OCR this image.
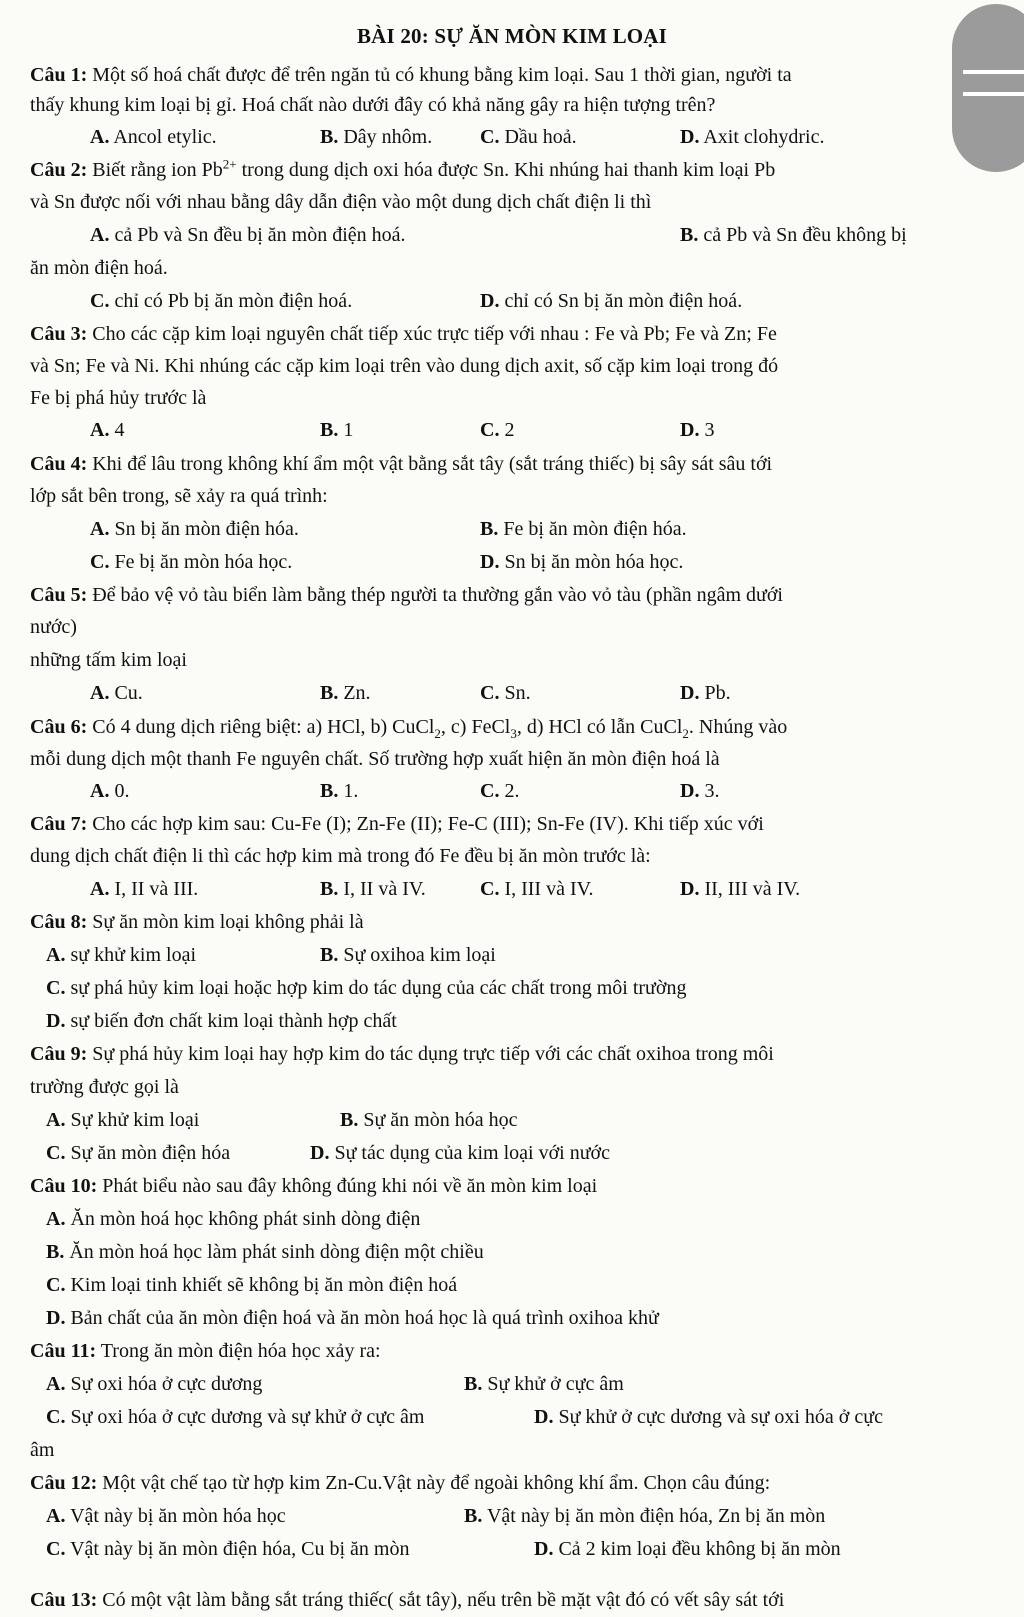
BÀI 20: SỰ ĂN MÒN KIM LOẠI
Câu 1: Một số hoá chất được để trên ngăn tủ có khung bằng kim loại. Sau 1 thời gian, người ta
thấy khung kim loại bị gỉ. Hoá chất nào dưới đây có khả năng gây ra hiện tượng trên?
A. Ancol etylic.	B. Dây nhôm. C. Dầu hoả.	D. Axit clohydric.
Câu 2: Biết rằng ion $Pb^{2+}$ trong dung dịch oxi hóa được Sn. Khi nhúng hai thanh kim loại Pb
và Sn được nối với nhau bằng dây dẫn điện vào một dung dịch chất điện li thì
A. cả Pb và Sn đều bị ăn mòn điện hoá.	B. cả Pb và Sn đều không bị
ăn mòn điện hoá.
C. chỉ có Pb bị ăn mòn điện hoá.	D. chỉ có Sn bị ăn mòn điện hoá.
Câu 3: Cho các cặp kim loại nguyên chất tiếp xúc trực tiếp với nhau : Fe và Pb; Fe và Zn; Fe
và Sn; Fe và Ni. Khi nhúng các cặp kim loại trên vào dung dịch axit, số cặp kim loại trong đó
Fe bị phá hủy trước là
A. 4	B. 1	C. 2	D. 3
Câu 4: Khi để lâu trong không khí ẩm một vật bằng sắt tây (sắt tráng thiếc) bị sây sát sâu tới
lớp sắt bên trong, sẽ xảy ra quá trình:
A. Sn bị ăn mòn điện hóa.	B. Fe bị ăn mòn điện hóa.
C. Fe bị ăn mòn hóa học.	D. Sn bị ăn mòn hóa học.
Câu 5: Để bảo vệ vỏ tàu biển làm bằng thép người ta thường gắn vào vỏ tàu (phần ngâm dưới
nước)
những tấm kim loại
A. Cu.	B. Zn.	C. Sn.	D. Pb.
Câu 6: Có 4 dung dịch riêng biệt: a) HCl, b) CuCl$_2$, c) FeCl$_3$, d) HCl có lẫn CuCl$_2$. Nhúng vào
mỗi dung dịch một thanh Fe nguyên chất. Số trường hợp xuất hiện ăn mòn điện hoá là
A. 0.	B. 1.	C. 2.	D. 3.
Câu 7: Cho các hợp kim sau: Cu-Fe (I); Zn-Fe (II); Fe-C (III); Sn-Fe (IV). Khi tiếp xúc với
dung dịch chất điện li thì các hợp kim mà trong đó Fe đều bị ăn mòn trước là:
A. I, II và III.	B. I, II và IV.	C. I, III và IV.	D. II, III và IV.
Câu 8: Sự ăn mòn kim loại không phải là
A. sự khử kim loại	B. Sự oxihoa kim loại
C. sự phá hủy kim loại hoặc hợp kim do tác dụng của các chất trong môi trường
D. sự biến đơn chất kim loại thành hợp chất
Câu 9: Sự phá hủy kim loại hay hợp kim do tác dụng trực tiếp với các chất oxihoa trong môi
trường được gọi là
A. Sự khử kim loại	B. Sự ăn mòn hóa học
C. Sự ăn mòn điện hóa	D. Sự tác dụng của kim loại với nước
Câu 10: Phát biểu nào sau đây không đúng khi nói về ăn mòn kim loại
A. Ăn mòn hoá học không phát sinh dòng điện
B. Ăn mòn hoá học làm phát sinh dòng điện một chiều
C. Kim loại tinh khiết sẽ không bị ăn mòn điện hoá
D. Bản chất của ăn mòn điện hoá và ăn mòn hoá học là quá trình oxihoa khử
Câu 11: Trong ăn mòn điện hóa học xảy ra:
A. Sự oxi hóa ở cực dương	B. Sự khử ở cực âm
C. Sự oxi hóa ở cực dương và sự khử ở cực âm	D. Sự khử ở cực dương và sự oxi hóa ở cực
âm
Câu 12: Một vật chế tạo từ hợp kim Zn-Cu.Vật này để ngoài không khí ẩm. Chọn câu đúng:
A. Vật này bị ăn mòn hóa học	B. Vật này bị ăn mòn điện hóa, Zn bị ăn mòn
C. Vật này bị ăn mòn điện hóa, Cu bị ăn mòn	D. Cả 2 kim loại đều không bị ăn mòn
Câu 13: Có một vật làm bằng sắt tráng thiếc( sắt tây), nếu trên bề mặt vật đó có vết sây sát tới
